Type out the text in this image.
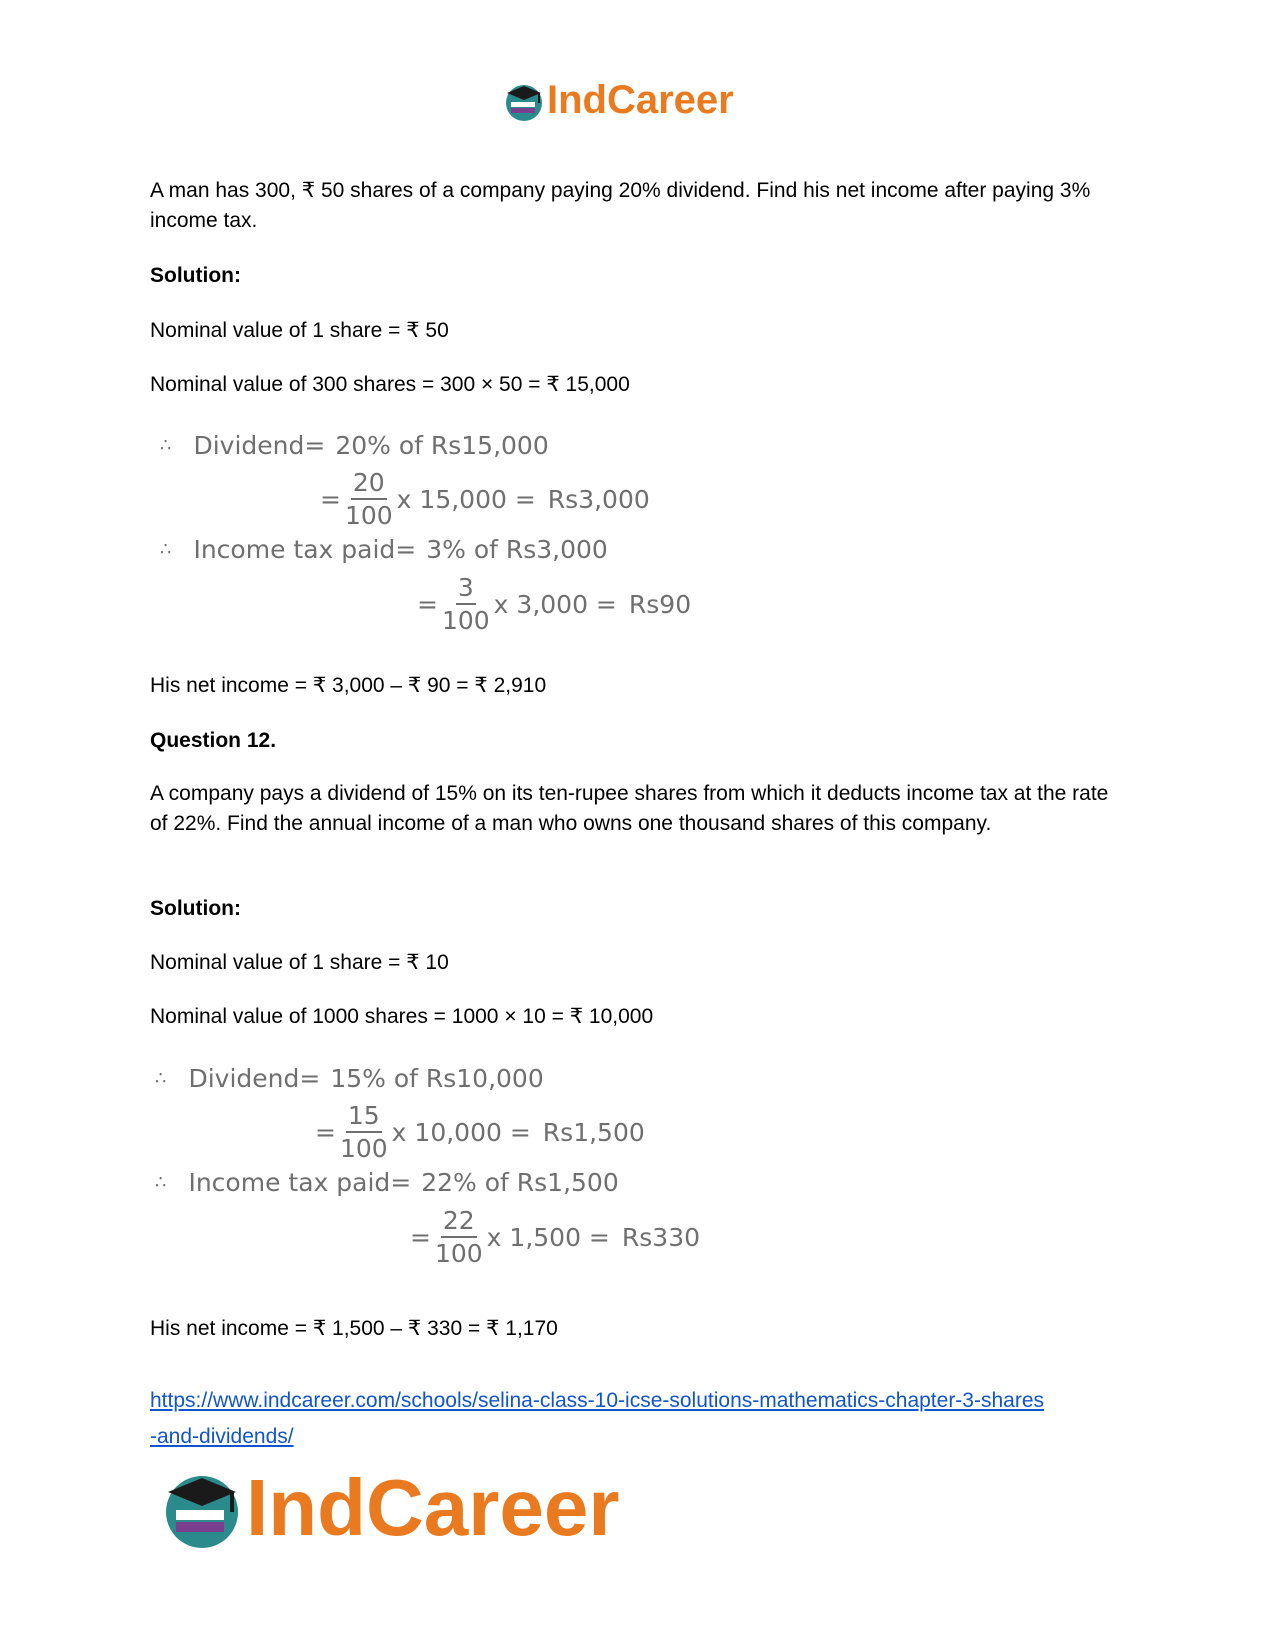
IndCareer

A man has 300, ₹ 50 shares of a company paying 20% dividend. Find his net income after paying 3% income tax.

Solution:

Nominal value of 1 share = ₹ 50

Nominal value of 300 shares = 300 × 50 = ₹ 15,000

∴ Dividend= 20% of Rs15,000
= $\frac{20}{100}$ x 15,000 = Rs3,000
∴ Income tax paid= 3% of Rs3,000
= $\frac{3}{100}$ x 3,000 = Rs90

His net income = ₹ 3,000 – ₹ 90 = ₹ 2,910

Question 12.

A company pays a dividend of 15% on its ten-rupee shares from which it deducts income tax at the rate of 22%. Find the annual income of a man who owns one thousand shares of this company.

Solution:

Nominal value of 1 share = ₹ 10

Nominal value of 1000 shares = 1000 × 10 = ₹ 10,000

∴ Dividend= 15% of Rs10,000
= $\frac{15}{100}$ x 10,000 = Rs1,500
∴ Income tax paid= 22% of Rs1,500
= $\frac{22}{100}$ x 1,500 = Rs330

His net income = ₹ 1,500 – ₹ 330 = ₹ 1,170

https://www.indcareer.com/schools/selina-class-10-icse-solutions-mathematics-chapter-3-shares
-and-dividends/
IndCareer
